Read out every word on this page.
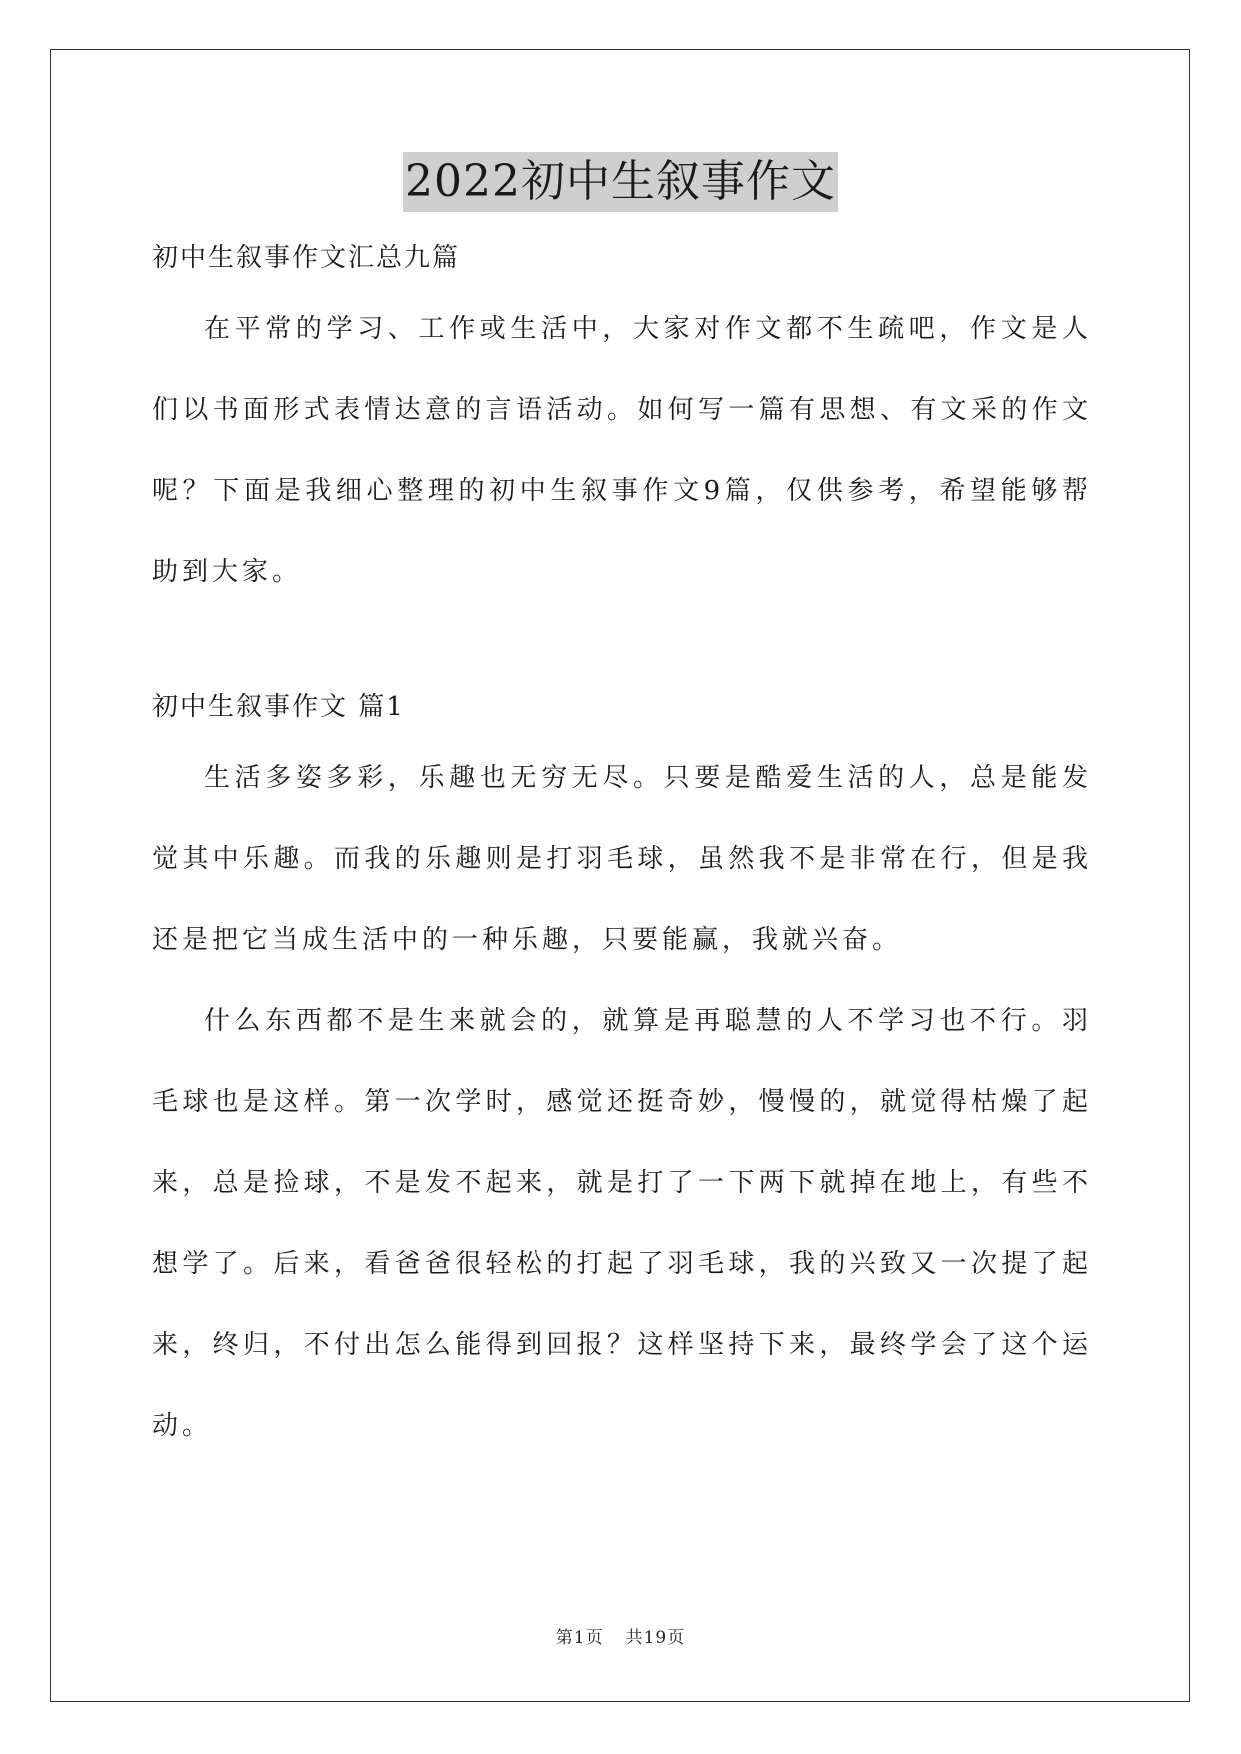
2022初中生叙事作文
初中生叙事作文汇总九篇

在平常的学习、工作或生活中，大家对作文都不生疏吧，作文是人们以书面形式表情达意的言语活动。如何写一篇有思想、有文采的作文呢？下面是我细心整理的初中生叙事作文9篇，仅供参考，希望能够帮助到大家。

初中生叙事作文 篇1

生活多姿多彩，乐趣也无穷无尽。只要是酷爱生活的人，总是能发觉其中乐趣。而我的乐趣则是打羽毛球，虽然我不是非常在行，但是我还是把它当成生活中的一种乐趣，只要能赢，我就兴奋。

什么东西都不是生来就会的，就算是再聪慧的人不学习也不行。羽毛球也是这样。第一次学时，感觉还挺奇妙，慢慢的，就觉得枯燥了起来，总是捡球，不是发不起来，就是打了一下两下就掉在地上，有些不想学了。后来，看爸爸很轻松的打起了羽毛球，我的兴致又一次提了起来，终归，不付出怎么能得到回报？这样坚持下来，最终学会了这个运动。

第1页 共19页
